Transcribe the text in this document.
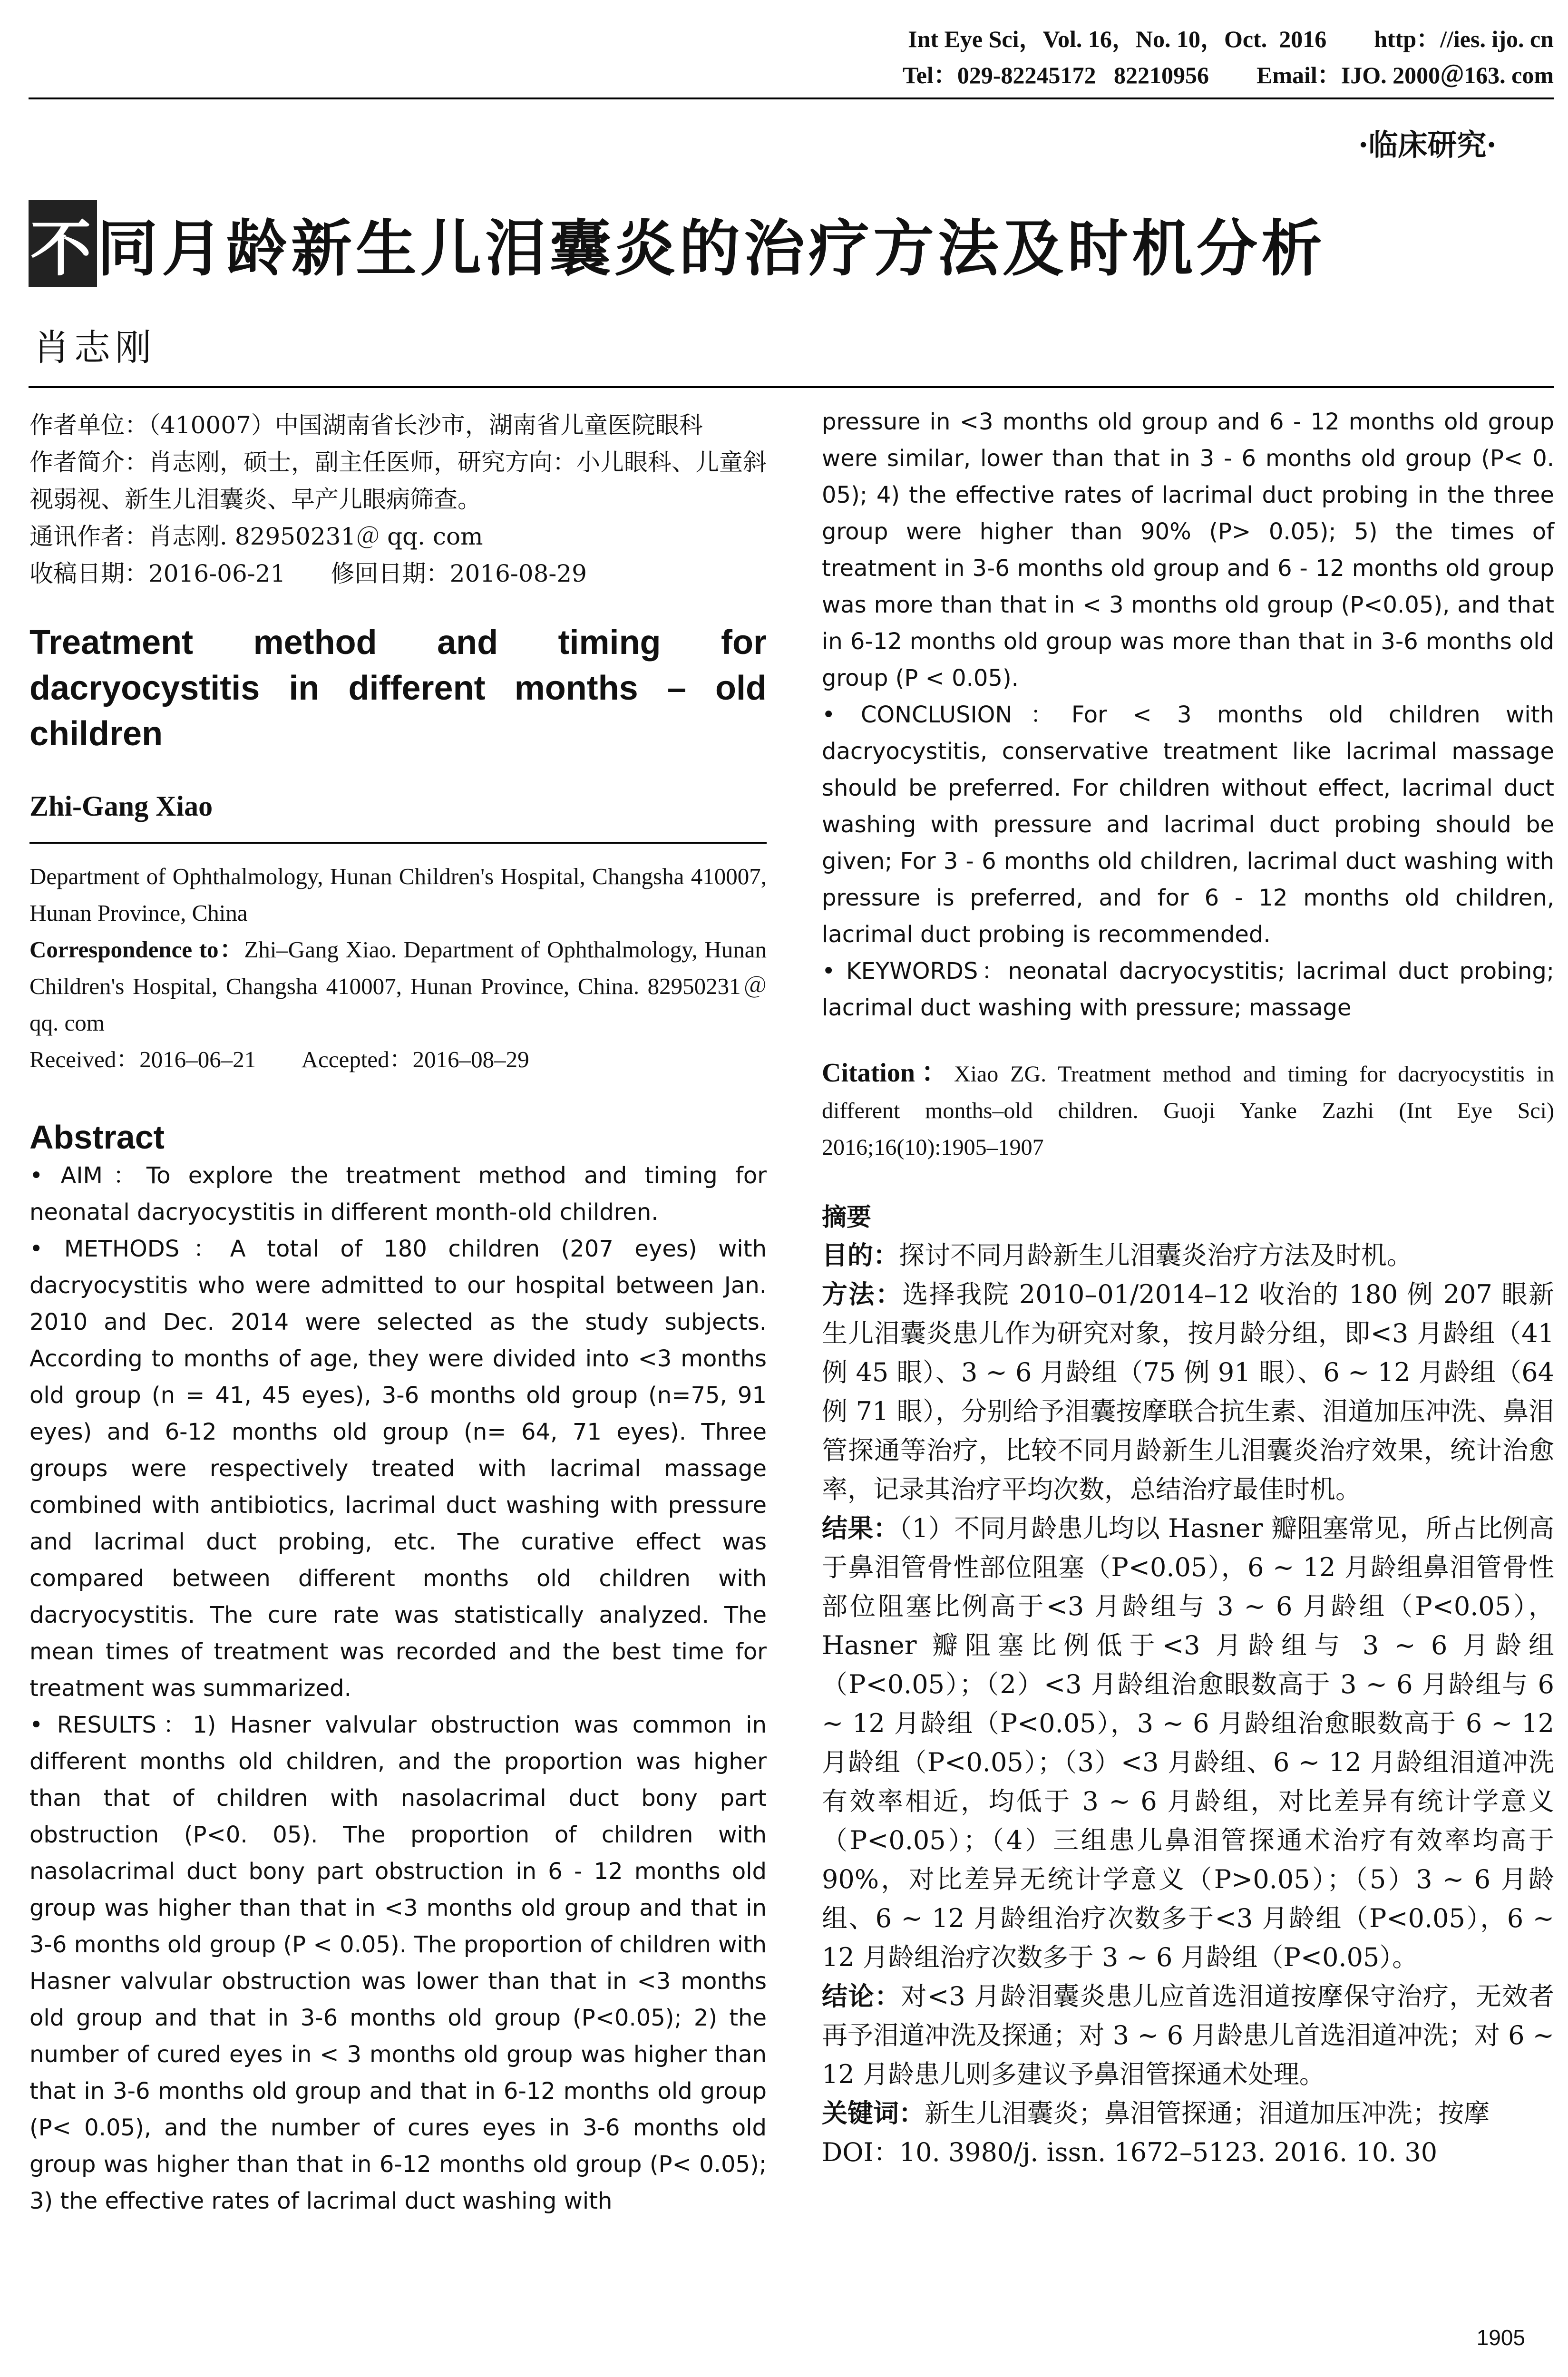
Int Eye Sci，Vol. 16，No. 10，Oct.  2016        http：//ies. ijo. cn
Tel：029-82245172   82210956        Email：IJO. 2000＠163. com
·临床研究·
不同月龄新生儿泪囊炎的治疗方法及时机分析
肖志刚
作者单位：（410007）中国湖南省长沙市，湖南省儿童医院眼科
作者简介：肖志刚，硕士，副主任医师，研究方向：小儿眼科、儿童斜视弱视、新生儿泪囊炎、早产儿眼病筛查。
通讯作者：肖志刚. 82950231＠ qq. com
收稿日期：2016-06-21      修回日期：2016-08-29
Treatment method and timing for dacryocystitis in different months – old children
Zhi-Gang Xiao
Department of Ophthalmology, Hunan Children's Hospital, Changsha 410007, Hunan Province, China
Correspondence to：Zhi–Gang Xiao. Department of Ophthalmology, Hunan Children's Hospital, Changsha 410007, Hunan Province, China. 82950231＠ qq. com
Received：2016–06–21        Accepted：2016–08–29
Abstract

• AIM：To explore the treatment method and timing for neonatal dacryocystitis in different month-old children.

• METHODS：A total of 180 children (207 eyes) with dacryocystitis who were admitted to our hospital between Jan. 2010 and Dec. 2014 were selected as the study subjects. According to months of age, they were divided into <3 months old group (n = 41, 45 eyes), 3-6 months old group (n=75, 91 eyes) and 6-12 months old group (n= 64, 71 eyes). Three groups were respectively treated with lacrimal massage combined with antibiotics, lacrimal duct washing with pressure and lacrimal duct probing, etc. The curative effect was compared between different months old children with dacryocystitis. The cure rate was statistically analyzed. The mean times of treatment was recorded and the best time for treatment was summarized.

• RESULTS：1) Hasner valvular obstruction was common in different months old children, and the proportion was higher than that of children with nasolacrimal duct bony part obstruction (P<0. 05). The proportion of children with nasolacrimal duct bony part obstruction in 6 - 12 months old group was higher than that in <3 months old group and that in 3-6 months old group (P < 0.05). The proportion of children with Hasner valvular obstruction was lower than that in <3 months old group and that in 3-6 months old group (P<0.05); 2) the number of cured eyes in < 3 months old group was higher than that in 3-6 months old group and that in 6-12 months old group (P< 0.05), and the number of cures eyes in 3-6 months old group was higher than that in 6-12 months old group (P< 0.05); 3) the effective rates of lacrimal duct washing with

pressure in <3 months old group and 6 - 12 months old group were similar, lower than that in 3 - 6 months old group (P< 0. 05); 4) the effective rates of lacrimal duct probing in the three group were higher than 90% (P> 0.05); 5) the times of treatment in 3-6 months old group and 6 - 12 months old group was more than that in < 3 months old group (P<0.05), and that in 6-12 months old group was more than that in 3-6 months old group (P < 0.05).

• CONCLUSION：For < 3 months old children with dacryocystitis, conservative treatment like lacrimal massage should be preferred. For children without effect, lacrimal duct washing with pressure and lacrimal duct probing should be given; For 3 - 6 months old children, lacrimal duct washing with pressure is preferred, and for 6 - 12 months old children, lacrimal duct probing is recommended.

• KEYWORDS：neonatal dacryocystitis; lacrimal duct probing; lacrimal duct washing with pressure; massage

Citation：Xiao ZG. Treatment method and timing for dacryocystitis in different months–old children. Guoji Yanke Zazhi (Int Eye Sci) 2016;16(10):1905–1907
摘要

目的：探讨不同月龄新生儿泪囊炎治疗方法及时机。

方法：选择我院 2010–01/2014–12 收治的 180 例 207 眼新生儿泪囊炎患儿作为研究对象，按月龄分组，即<3 月龄组（41 例 45 眼）、3 ~ 6 月龄组（75 例 91 眼）、6 ~ 12 月龄组（64 例 71 眼），分别给予泪囊按摩联合抗生素、泪道加压冲洗、鼻泪管探通等治疗，比较不同月龄新生儿泪囊炎治疗效果，统计治愈率，记录其治疗平均次数，总结治疗最佳时机。

结果：（1）不同月龄患儿均以 Hasner 瓣阻塞常见，所占比例高于鼻泪管骨性部位阻塞（P<0.05），6 ~ 12 月龄组鼻泪管骨性部位阻塞比例高于<3 月龄组与 3 ~ 6 月龄组（P<0.05），Hasner 瓣阻塞比例低于<3 月龄组与 3 ~ 6 月龄组（P<0.05）；（2）<3 月龄组治愈眼数高于 3 ~ 6 月龄组与 6 ~ 12 月龄组（P<0.05），3 ~ 6 月龄组治愈眼数高于 6 ~ 12 月龄组（P<0.05）；（3）<3 月龄组、6 ~ 12 月龄组泪道冲洗有效率相近，均低于 3 ~ 6 月龄组，对比差异有统计学意义（P<0.05）；（4）三组患儿鼻泪管探通术治疗有效率均高于 90%，对比差异无统计学意义（P>0.05）；（5）3 ~ 6 月龄组、6 ~ 12 月龄组治疗次数多于<3 月龄组（P<0.05），6 ~ 12 月龄组治疗次数多于 3 ~ 6 月龄组（P<0.05）。

结论：对<3 月龄泪囊炎患儿应首选泪道按摩保守治疗，无效者再予泪道冲洗及探通；对 3 ~ 6 月龄患儿首选泪道冲洗；对 6 ~ 12 月龄患儿则多建议予鼻泪管探通术处理。

关键词：新生儿泪囊炎；鼻泪管探通；泪道加压冲洗；按摩

DOI：10. 3980/j. issn. 1672–5123. 2016. 10. 30

1905
